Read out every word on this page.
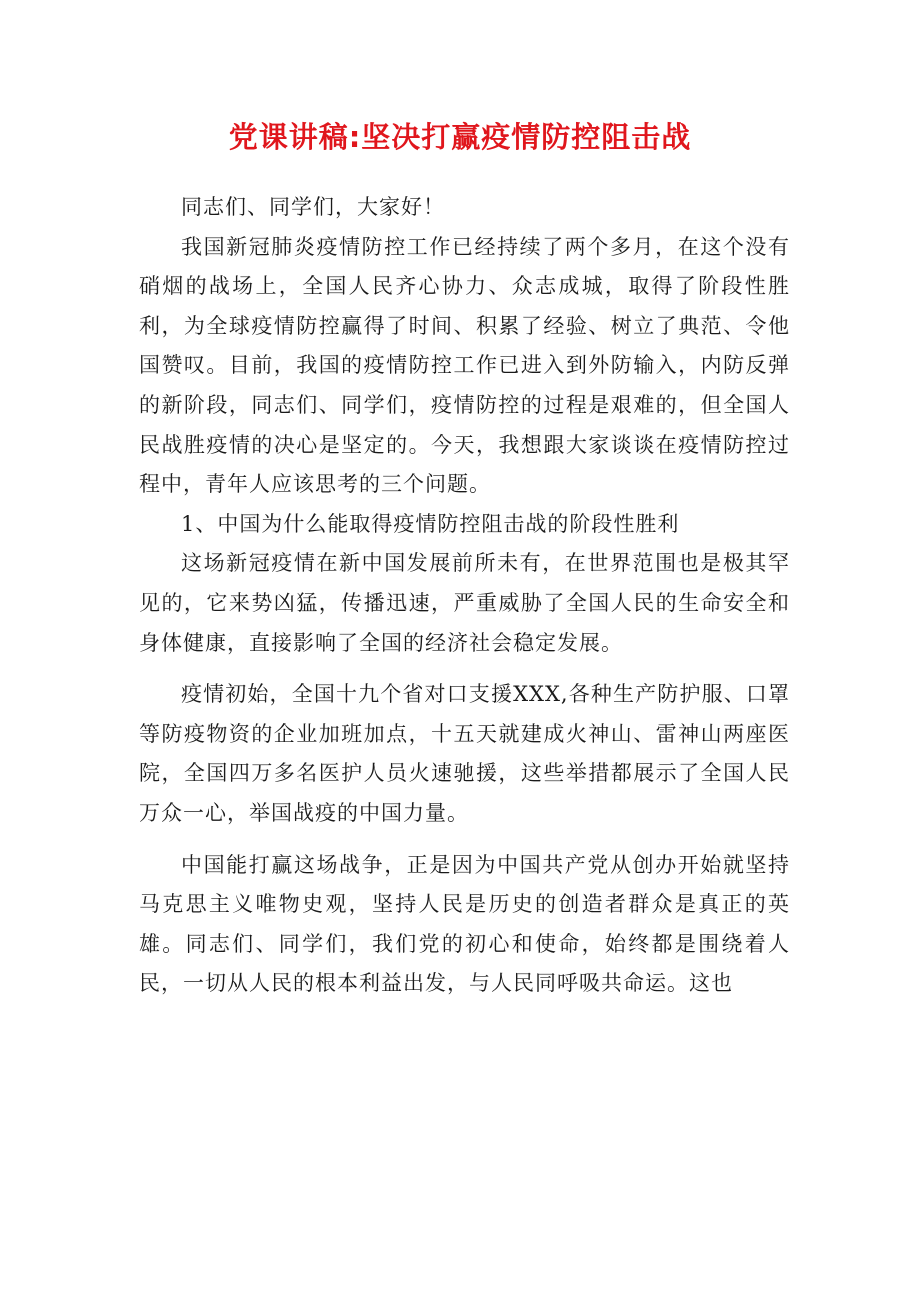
党课讲稿:坚决打赢疫情防控阻击战

同志们、同学们，大家好！

我国新冠肺炎疫情防控工作已经持续了两个多月，在这个没有硝烟的战场上，全国人民齐心协力、众志成城，取得了阶段性胜利，为全球疫情防控赢得了时间、积累了经验、树立了典范、令他国赞叹。目前，我国的疫情防控工作已进入到外防输入，内防反弹的新阶段，同志们、同学们，疫情防控的过程是艰难的，但全国人民战胜疫情的决心是坚定的。今天，我想跟大家谈谈在疫情防控过程中，青年人应该思考的三个问题。

1、中国为什么能取得疫情防控阻击战的阶段性胜利

这场新冠疫情在新中国发展前所未有，在世界范围也是极其罕见的，它来势凶猛，传播迅速，严重威胁了全国人民的生命安全和身体健康，直接影响了全国的经济社会稳定发展。

疫情初始，全国十九个省对口支援XXX,各种生产防护服、口罩等防疫物资的企业加班加点，十五天就建成火神山、雷神山两座医院，全国四万多名医护人员火速驰援，这些举措都展示了全国人民万众一心，举国战疫的中国力量。

中国能打赢这场战争，正是因为中国共产党从创办开始就坚持马克思主义唯物史观，坚持人民是历史的创造者群众是真正的英雄。同志们、同学们，我们党的初心和使命，始终都是围绕着人民，一切从人民的根本利益出发，与人民同呼吸共命运。这也
